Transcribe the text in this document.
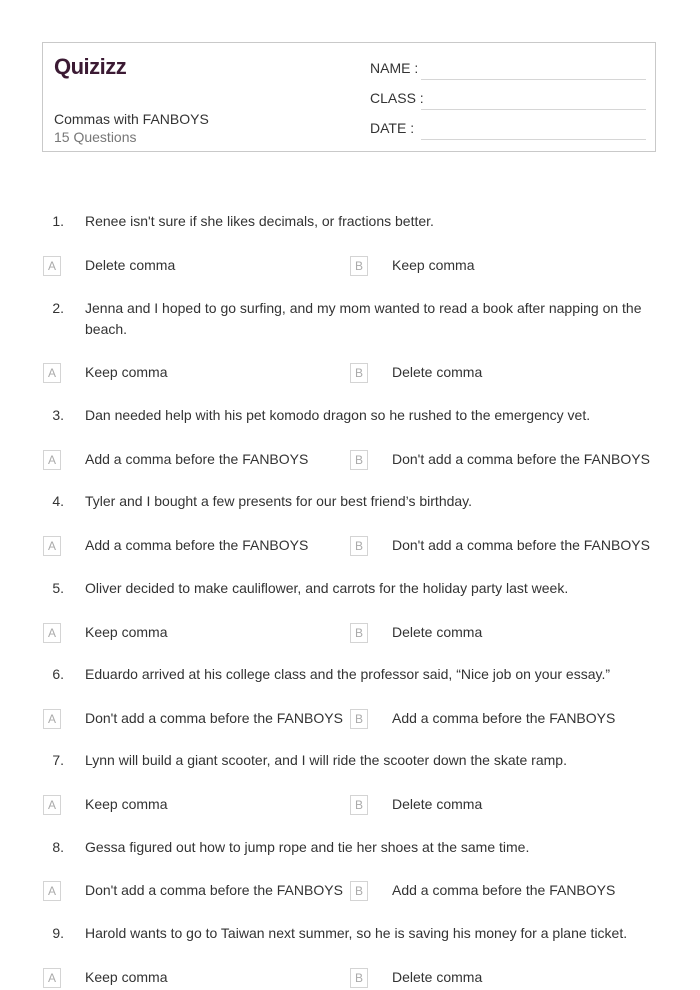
Quizizz
Commas with FANBOYS
15 Questions
NAME :
CLASS :
DATE :
1. Renee isn't sure if she likes decimals, or fractions better.
A	Delete comma	B	Keep comma
2. Jenna and I hoped to go surfing, and my mom wanted to read a book after napping on the beach.
A	Keep comma	B	Delete comma
3. Dan needed help with his pet komodo dragon so he rushed to the emergency vet.
A	Add a comma before the FANBOYS	B	Don't add a comma before the FANBOYS
4. Tyler and I bought a few presents for our best friend’s birthday.
A	Add a comma before the FANBOYS	B	Don't add a comma before the FANBOYS
5. Oliver decided to make cauliflower, and carrots for the holiday party last week.
A	Keep comma	B	Delete comma
6. Eduardo arrived at his college class and the professor said, “Nice job on your essay.”
A	Don't add a comma before the FANBOYS	B	Add a comma before the FANBOYS
7. Lynn will build a giant scooter, and I will ride the scooter down the skate ramp.
A	Keep comma	B	Delete comma
8. Gessa figured out how to jump rope and tie her shoes at the same time.
A	Don't add a comma before the FANBOYS	B	Add a comma before the FANBOYS
9. Harold wants to go to Taiwan next summer, so he is saving his money for a plane ticket.
A	Keep comma	B	Delete comma
